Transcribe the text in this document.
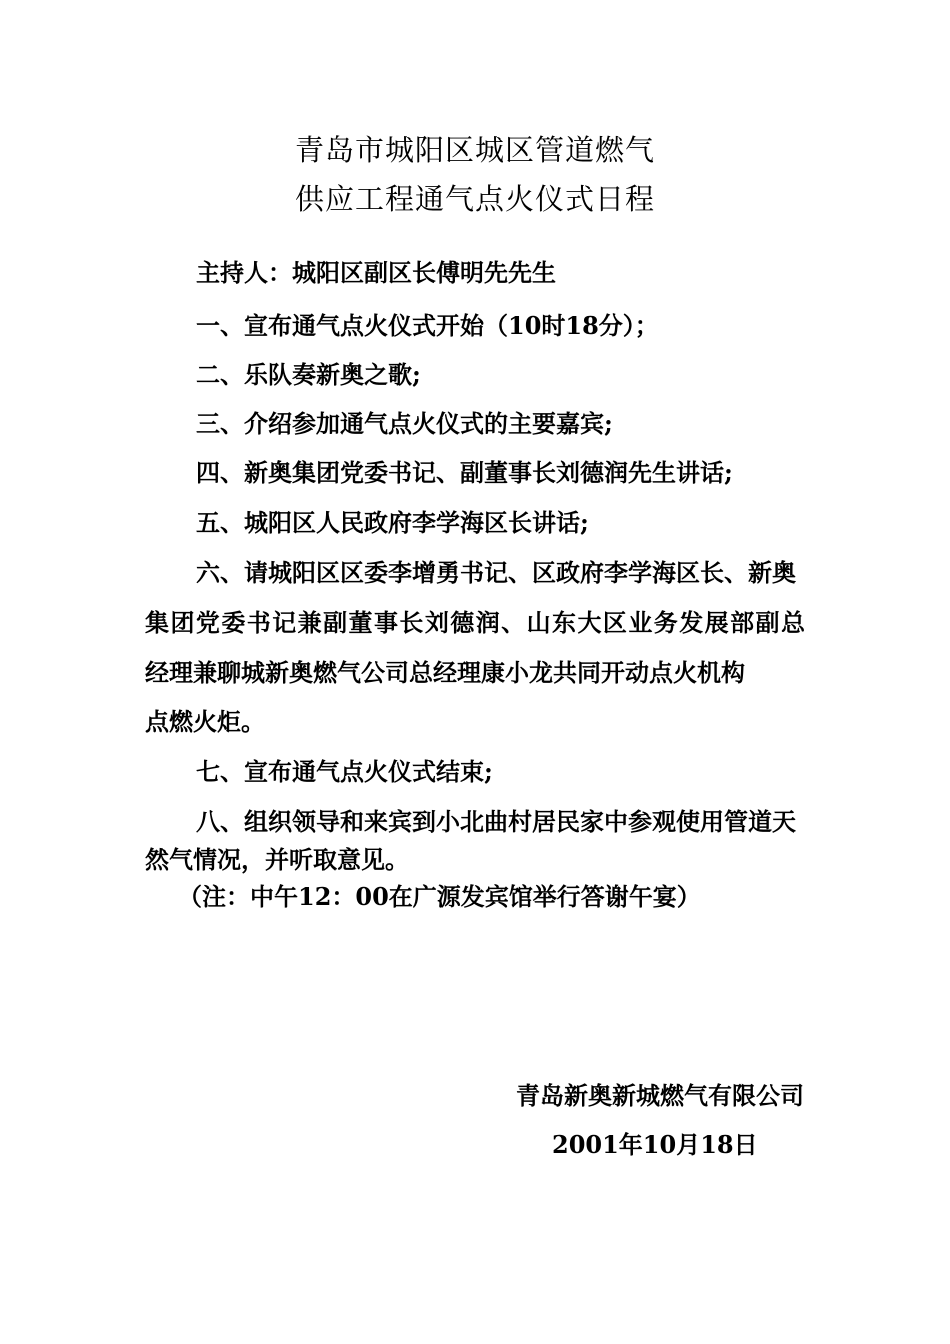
青岛市城阳区城区管道燃气
供应工程通气点火仪式日程
主持人：城阳区副区长傅明先先生
一、宣布通气点火仪式开始（10时18分）；
二、乐队奏新奥之歌;
三、介绍参加通气点火仪式的主要嘉宾;
四、新奥集团党委书记、副董事长刘德润先生讲话;
五、城阳区人民政府李学海区长讲话;
六、请城阳区区委李增勇书记、区政府李学海区长、新奥
集团党委书记兼副董事长刘德润、山东大区业务发展部副总
经理兼聊城新奥燃气公司总经理康小龙共同开动点火机构
点燃火炬。
七、宣布通气点火仪式结束;
八、组织领导和来宾到小北曲村居民家中参观使用管道天
然气情况，并听取意见。
（注：中午12：00在广源发宾馆举行答谢午宴）
青岛新奥新城燃气有限公司
2001年10月18日
